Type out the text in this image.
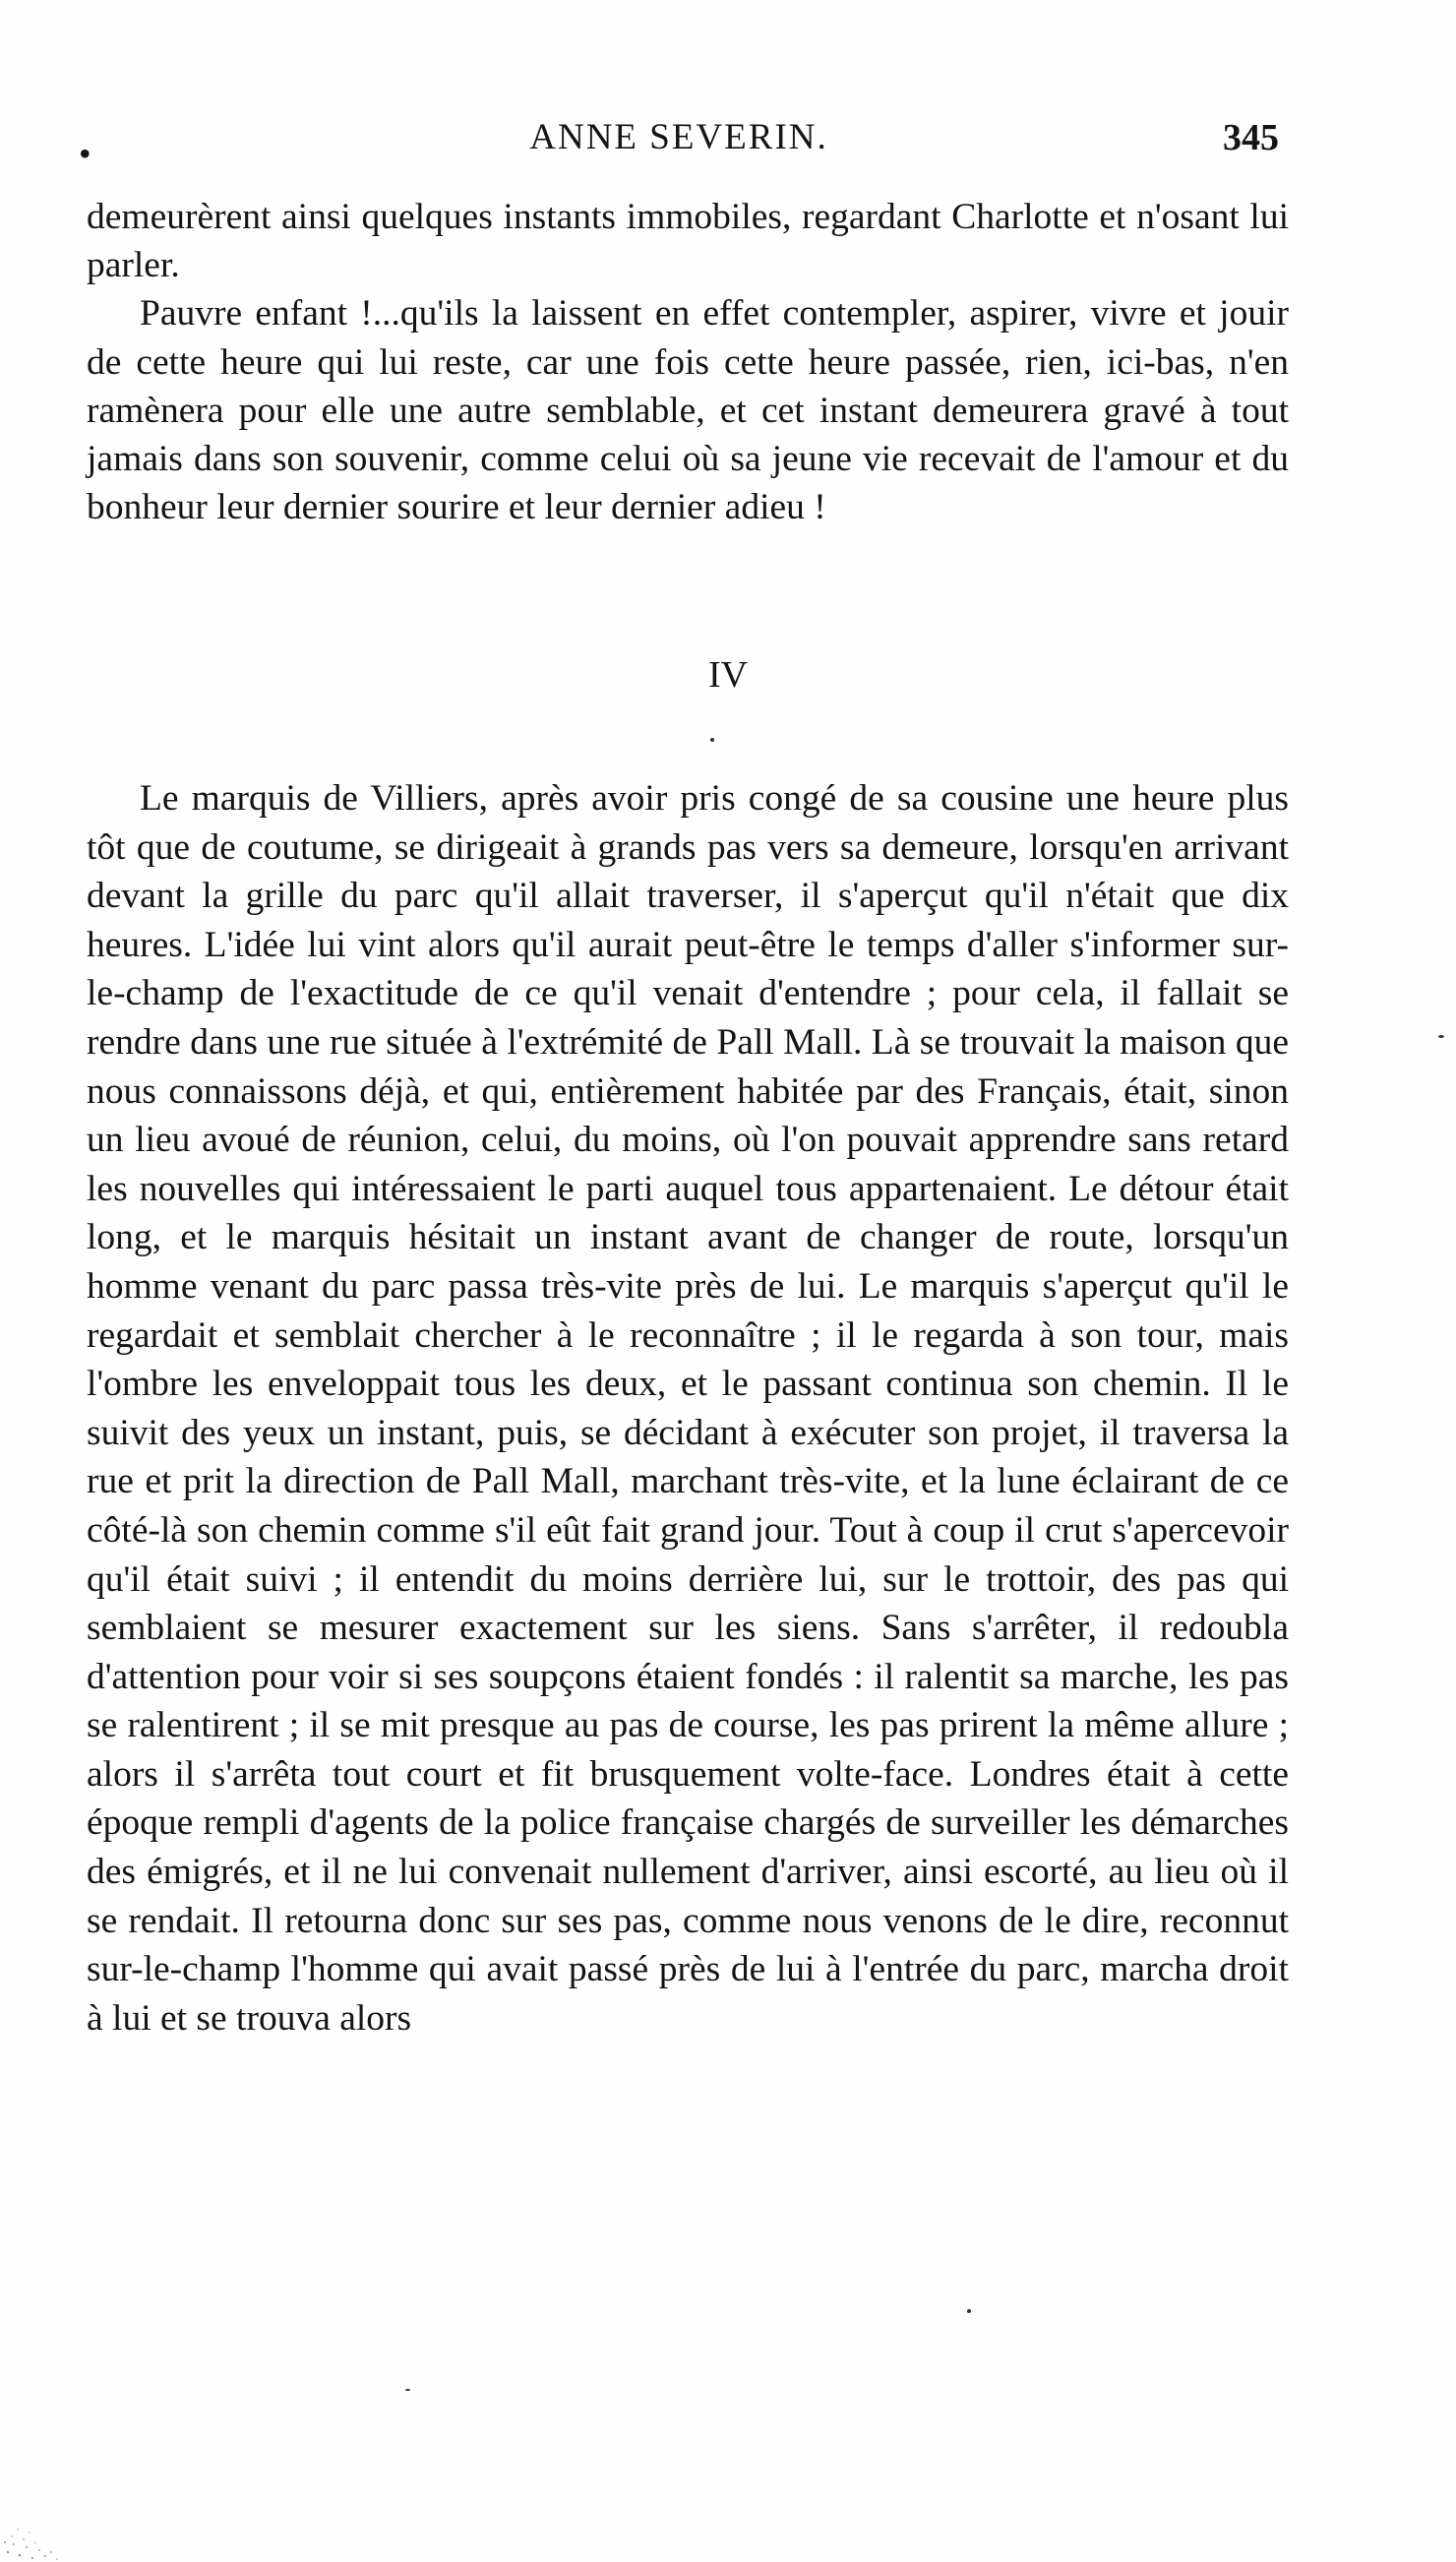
•	ANNE SEVERIN.	345

demeurèrent ainsi quelques instants immobiles, regardant Charlotte et n'osant lui parler.

Pauvre enfant !...qu'ils la laissent en effet contempler, aspirer, vivre et jouir de cette heure qui lui reste, car une fois cette heure passée, rien, ici-bas, n'en ramènera pour elle une autre semblable, et cet instant demeurera gravé à tout jamais dans son souvenir, comme celui où sa jeune vie recevait de l'amour et du bonheur leur dernier sourire et leur dernier adieu !

IV

Le marquis de Villiers, après avoir pris congé de sa cousine une heure plus tôt que de coutume, se dirigeait à grands pas vers sa demeure, lorsqu'en arrivant devant la grille du parc qu'il allait traverser, il s'aperçut qu'il n'était que dix heures. L'idée lui vint alors qu'il aurait peut-être le temps d'aller s'informer sur-le-champ de l'exactitude de ce qu'il venait d'entendre ; pour cela, il fallait se rendre dans une rue située à l'extrémité de Pall Mall. Là se trouvait la maison que nous connaissons déjà, et qui, entièrement habitée par des Français, était, sinon un lieu avoué de réunion, celui, du moins, où l'on pouvait apprendre sans retard les nouvelles qui intéressaient le parti auquel tous appartenaient. Le détour était long, et le marquis hésitait un instant avant de changer de route, lorsqu'un homme venant du parc passa très-vite près de lui. Le marquis s'aperçut qu'il le regardait et semblait chercher à le reconnaître ; il le regarda à son tour, mais l'ombre les enveloppait tous les deux, et le passant continua son chemin. Il le suivit des yeux un instant, puis, se décidant à exécuter son projet, il traversa la rue et prit la direction de Pall Mall, marchant très-vite, et la lune éclairant de ce côté-là son chemin comme s'il eût fait grand jour. Tout à coup il crut s'apercevoir qu'il était suivi ; il entendit du moins derrière lui, sur le trottoir, des pas qui semblaient se mesurer exactement sur les siens. Sans s'arrêter, il redoubla d'attention pour voir si ses soupçons étaient fondés : il ralentit sa marche, les pas se ralentirent ; il se mit presque au pas de course, les pas prirent la même allure ; alors il s'arrêta tout court et fit brusquement volte-face. Londres était à cette époque rempli d'agents de la police française chargés de surveiller les démarches des émigrés, et il ne lui convenait nullement d'arriver, ainsi escorté, au lieu où il se rendait. Il retourna donc sur ses pas, comme nous venons de le dire, reconnut sur-le-champ l'homme qui avait passé près de lui à l'entrée du parc, marcha droit à lui et se trouva alors
